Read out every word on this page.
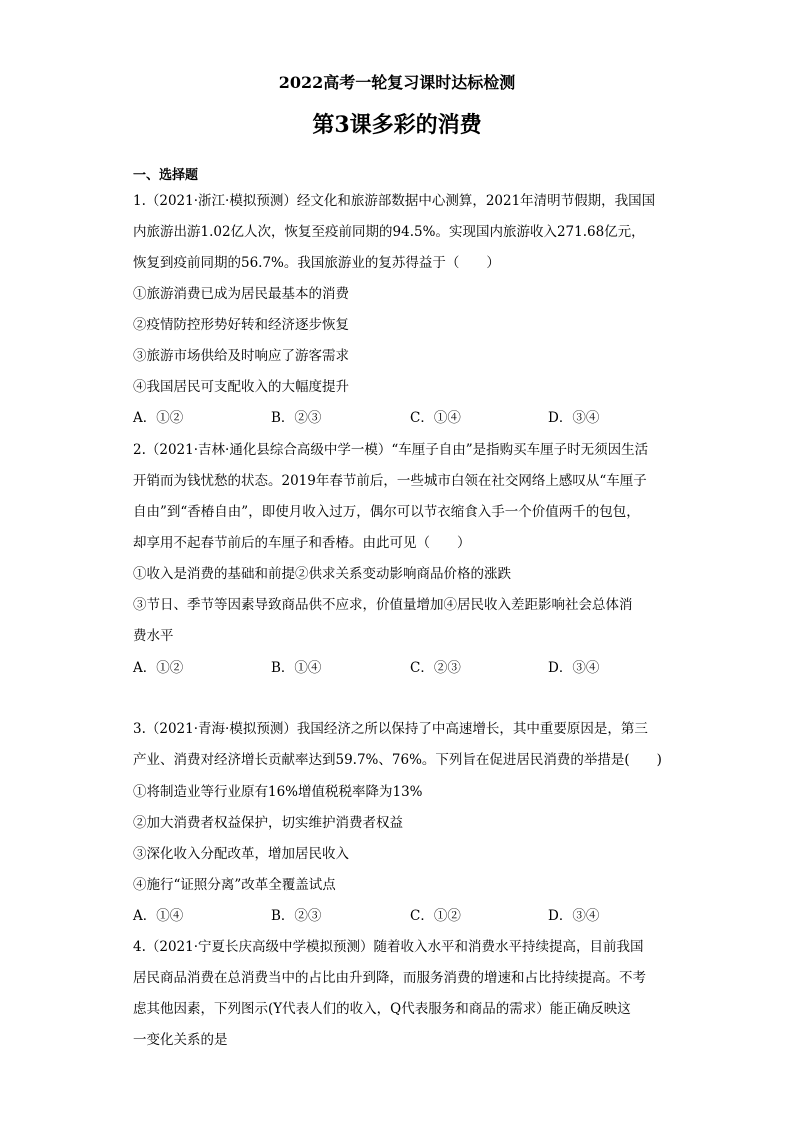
2022高考一轮复习课时达标检测
第3课多彩的消费
一、选择题
1.（2021·浙江·模拟预测）经文化和旅游部数据中心测算，2021年清明节假期，我国国
内旅游出游1.02亿人次，恢复至疫前同期的94.5%。实现国内旅游收入271.68亿元，
恢复到疫前同期的56.7%。我国旅游业的复苏得益于（　　）
①旅游消费已成为居民最基本的消费
②疫情防控形势好转和经济逐步恢复
③旅游市场供给及时响应了游客需求
④我国居民可支配收入的大幅度提升
A．①②	B．②③	C．①④	D．③④
2.（2021·吉林·通化县综合高级中学一模）“车厘子自由”是指购买车厘子时无须因生活
开销而为钱忧愁的状态。2019年春节前后，一些城市白领在社交网络上感叹从“车厘子
自由”到“香椿自由”，即使月收入过万，偶尔可以节衣缩食入手一个价值两千的包包，
却享用不起春节前后的车厘子和香椿。由此可见（　　）
①收入是消费的基础和前提②供求关系变动影响商品价格的涨跌
③节日、季节等因素导致商品供不应求，价值量增加④居民收入差距影响社会总体消
费水平
A．①②	B．①④	C．②③	D．③④
3.（2021·青海·模拟预测）我国经济之所以保持了中高速增长，其中重要原因是，第三
产业、消费对经济增长贡献率达到59.7%、76%。下列旨在促进居民消费的举措是(　　)
①将制造业等行业原有16%增值税税率降为13%
②加大消费者权益保护，切实维护消费者权益
③深化收入分配改革，增加居民收入
④施行“证照分离”改革全覆盖试点
A．①④	B．②③	C．①②	D．③④
4.（2021·宁夏长庆高级中学模拟预测）随着收入水平和消费水平持续提高，目前我国
居民商品消费在总消费当中的占比由升到降，而服务消费的增速和占比持续提高。不考
虑其他因素，下列图示(Y代表人们的收入，Q代表服务和商品的需求）能正确反映这
一变化关系的是
